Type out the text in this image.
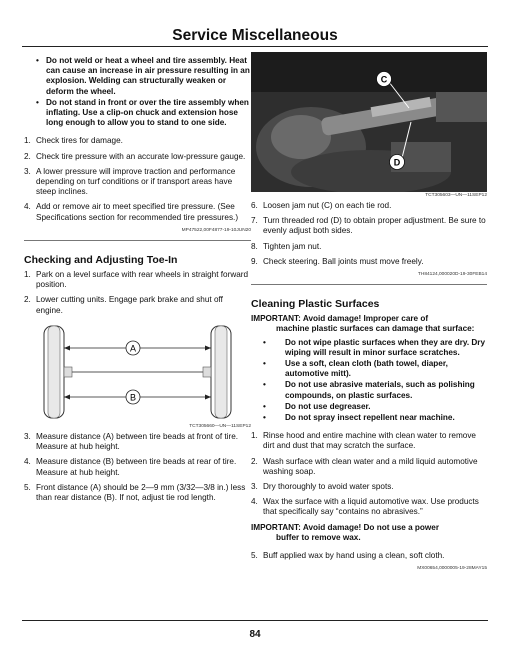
Service Miscellaneous
• Do not weld or heat a wheel and tire assembly. Heat can cause an increase in air pressure resulting in an explosion. Welding can structurally weaken or deform the wheel.
• Do not stand in front or over the tire assembly when inflating. Use a clip-on chuck and extension hose long enough to allow you to stand to one side.
1. Check tires for damage.
2. Check tire pressure with an accurate low-pressure gauge.
3. A lower pressure will improve traction and performance depending on turf conditions or if transport areas have steep inclines.
4. Add or remove air to meet specified tire pressure. (See Specifications section for recommended tire pressures.)
MP47522,00F4877-19-10JUN20
Checking and Adjusting Toe-In
1. Park on a level surface with rear wheels in straight forward position.
2. Lower cutting units. Engage park brake and shut off engine.
A
B
TCT305660—UN—11SEP12
3. Measure distance (A) between tire beads at front of tire. Measure at hub height.
4. Measure distance (B) between tire beads at rear of tire. Measure at hub height.
5. Front distance (A) should be 2—9 mm (3/32—3/8 in.) less than rear distance (B). If not, adjust tie rod length.
C
D
TCT305603—UN—11SEP12
6. Loosen jam nut (C) on each tie rod.
7. Turn threaded rod (D) to obtain proper adjustment. Be sure to evenly adjust both sides.
8. Tighten jam nut.
9. Check steering. Ball joints must move freely.
TH84124,000020D-19-30FEB14
Cleaning Plastic Surfaces
IMPORTANT: Avoid damage! Improper care of
machine plastic surfaces can damage that surface:
• Do not wipe plastic surfaces when they are dry. Dry wiping will result in minor surface scratches.
• Use a soft, clean cloth (bath towel, diaper, automotive mitt).
• Do not use abrasive materials, such as polishing compounds, on plastic surfaces.
• Do not use degreaser.
• Do not spray insect repellent near machine.
1. Rinse hood and entire machine with clean water to remove dirt and dust that may scratch the surface.
2. Wash surface with clean water and a mild liquid automotive washing soap.
3. Dry thoroughly to avoid water spots.
4. Wax the surface with a liquid automotive wax. Use products that specifically say “contains no abrasives.”
IMPORTANT: Avoid damage! Do not use a power
buffer to remove wax.
5. Buff applied wax by hand using a clean, soft cloth.
MX00654,0000005-19-28MAY15
84
